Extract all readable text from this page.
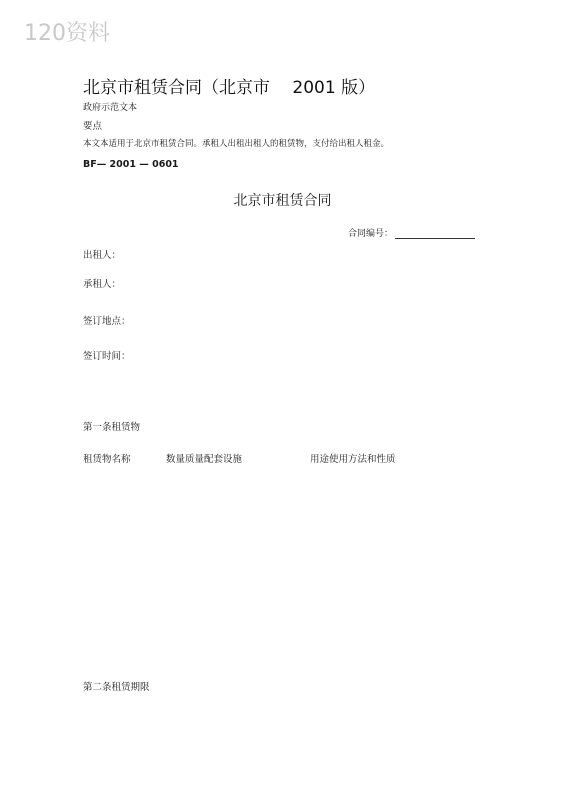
120资料
北京市租赁合同（北京市 　2001 版）
政府示范文本
要点
本文本适用于北京市租赁合同。承租人出租出租人的租赁物，支付给出租人租金。
BF— 2001 — 0601
北京市租赁合同
合同编号：
出租人：
承租人：
签订地点：
签订时间：
第一条租赁物
租赁物名称	数量质量配套设施	用途使用方法和性质
第二条租赁期限
